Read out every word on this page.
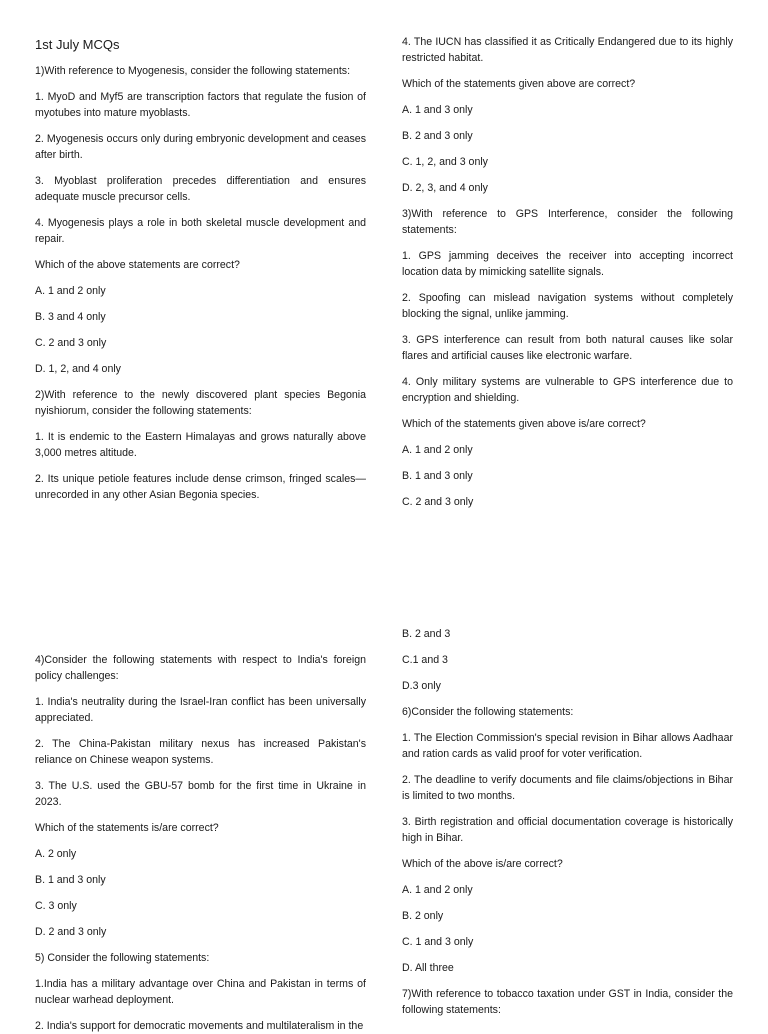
1st July MCQs

1)With reference to Myogenesis, consider the following statements:

1. MyoD and Myf5 are transcription factors that regulate the fusion of myotubes into mature myoblasts.

2. Myogenesis occurs only during embryonic development and ceases after birth.

3. Myoblast proliferation precedes differentiation and ensures adequate muscle precursor cells.

4. Myogenesis plays a role in both skeletal muscle development and repair.

Which of the above statements are correct?

A. 1 and 2 only

B. 3 and 4 only

C. 2 and 3 only

D. 1, 2, and 4 only

2)With reference to the newly discovered plant species Begonia nyishiorum, consider the following statements:

1. It is endemic to the Eastern Himalayas and grows naturally above 3,000 metres altitude.

2. Its unique petiole features include dense crimson, fringed scales—unrecorded in any other Asian Begonia species.

4. The IUCN has classified it as Critically Endangered due to its highly restricted habitat.

Which of the statements given above are correct?

A. 1 and 3 only

B. 2 and 3 only

C. 1, 2, and 3 only

D. 2, 3, and 4 only

3)With reference to GPS Interference, consider the following statements:

1. GPS jamming deceives the receiver into accepting incorrect location data by mimicking satellite signals.

2. Spoofing can mislead navigation systems without completely blocking the signal, unlike jamming.

3. GPS interference can result from both natural causes like solar flares and artificial causes like electronic warfare.

4. Only military systems are vulnerable to GPS interference due to encryption and shielding.

Which of the statements given above is/are correct?

A. 1 and 2 only

B. 1 and 3 only

C. 2 and 3 only

4)Consider the following statements with respect to India's foreign policy challenges:

1. India's neutrality during the Israel-Iran conflict has been universally appreciated.

2. The China-Pakistan military nexus has increased Pakistan's reliance on Chinese weapon systems.

3. The U.S. used the GBU-57 bomb for the first time in Ukraine in 2023.

Which of the statements is/are correct?

A. 2 only

B. 1 and 3 only

C. 3 only

D. 2 and 3 only

5) Consider the following statements:

1.India has a military advantage over China and Pakistan in terms of nuclear warhead deployment.

2. India's support for democratic movements and multilateralism in the

B. 2 and 3

C.1 and 3

D.3 only

6)Consider the following statements:

1. The Election Commission's special revision in Bihar allows Aadhaar and ration cards as valid proof for voter verification.

2. The deadline to verify documents and file claims/objections in Bihar is limited to two months.

3. Birth registration and official documentation coverage is historically high in Bihar.

Which of the above is/are correct?

A. 1 and 2 only

B. 2 only

C. 1 and 3 only

D. All three

7)With reference to tobacco taxation under GST in India, consider the following statements:
